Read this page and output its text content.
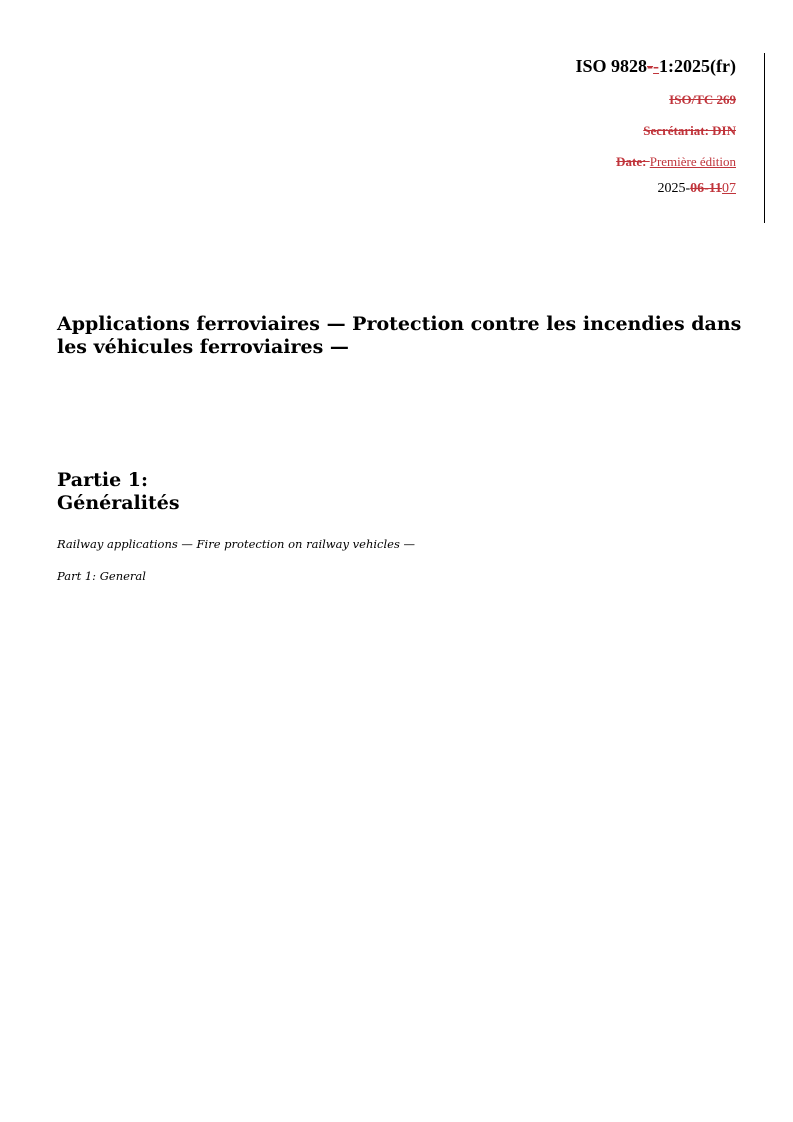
ISO 9828--1:2025(fr)
ISO/TC 269
Secrétariat: DIN
Date: Première édition
2025-06-1107
Applications ferroviaires — Protection contre les incendies dans les véhicules ferroviaires —
Partie 1:
Généralités
Railway applications — Fire protection on railway vehicles —
Part 1: General
